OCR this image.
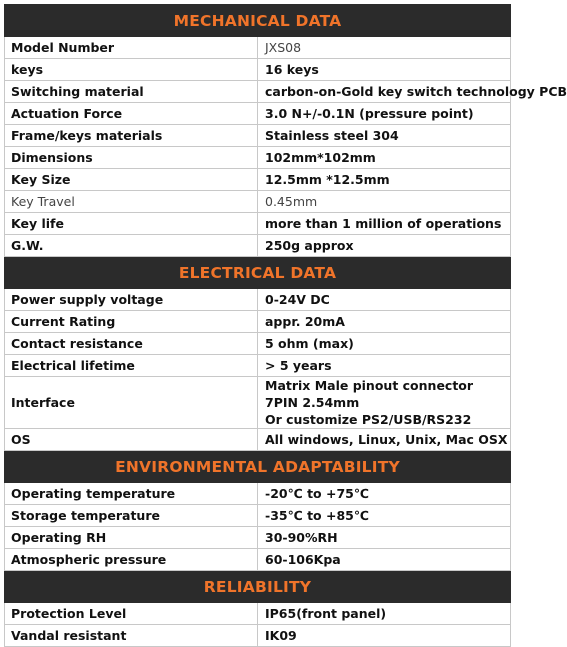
MECHANICAL DATA	
Model Number	JXS08
keys	16 keys
Switching material	carbon-on-Gold key switch technology PCB
Actuation Force	3.0 N+/-0.1N (pressure point)
Frame/keys materials	Stainless steel 304
Dimensions	102mm*102mm
Key Size	12.5mm *12.5mm
Key Travel	0.45mm
Key life	more than 1 million of operations
G.W.	250g approx
ELECTRICAL DATA	
Power supply voltage	0-24V DC
Current Rating	appr. 20mA
Contact resistance	5 ohm (max)
Electrical lifetime	> 5 years
Interface	Matrix Male pinout connector 7PIN 2.54mm
Or customize PS2/USB/RS232

OS	All windows, Linux, Unix, Mac OSX
ENVIRONMENTAL ADAPTABILITY	
Operating temperature	-20℃ to +75℃
Storage temperature	-35℃ to +85℃
Operating RH	30-90%RH
Atmospheric pressure	60-106Kpa
RELIABILITY	
Protection Level	IP65(front panel)
Vandal resistant	IK09
